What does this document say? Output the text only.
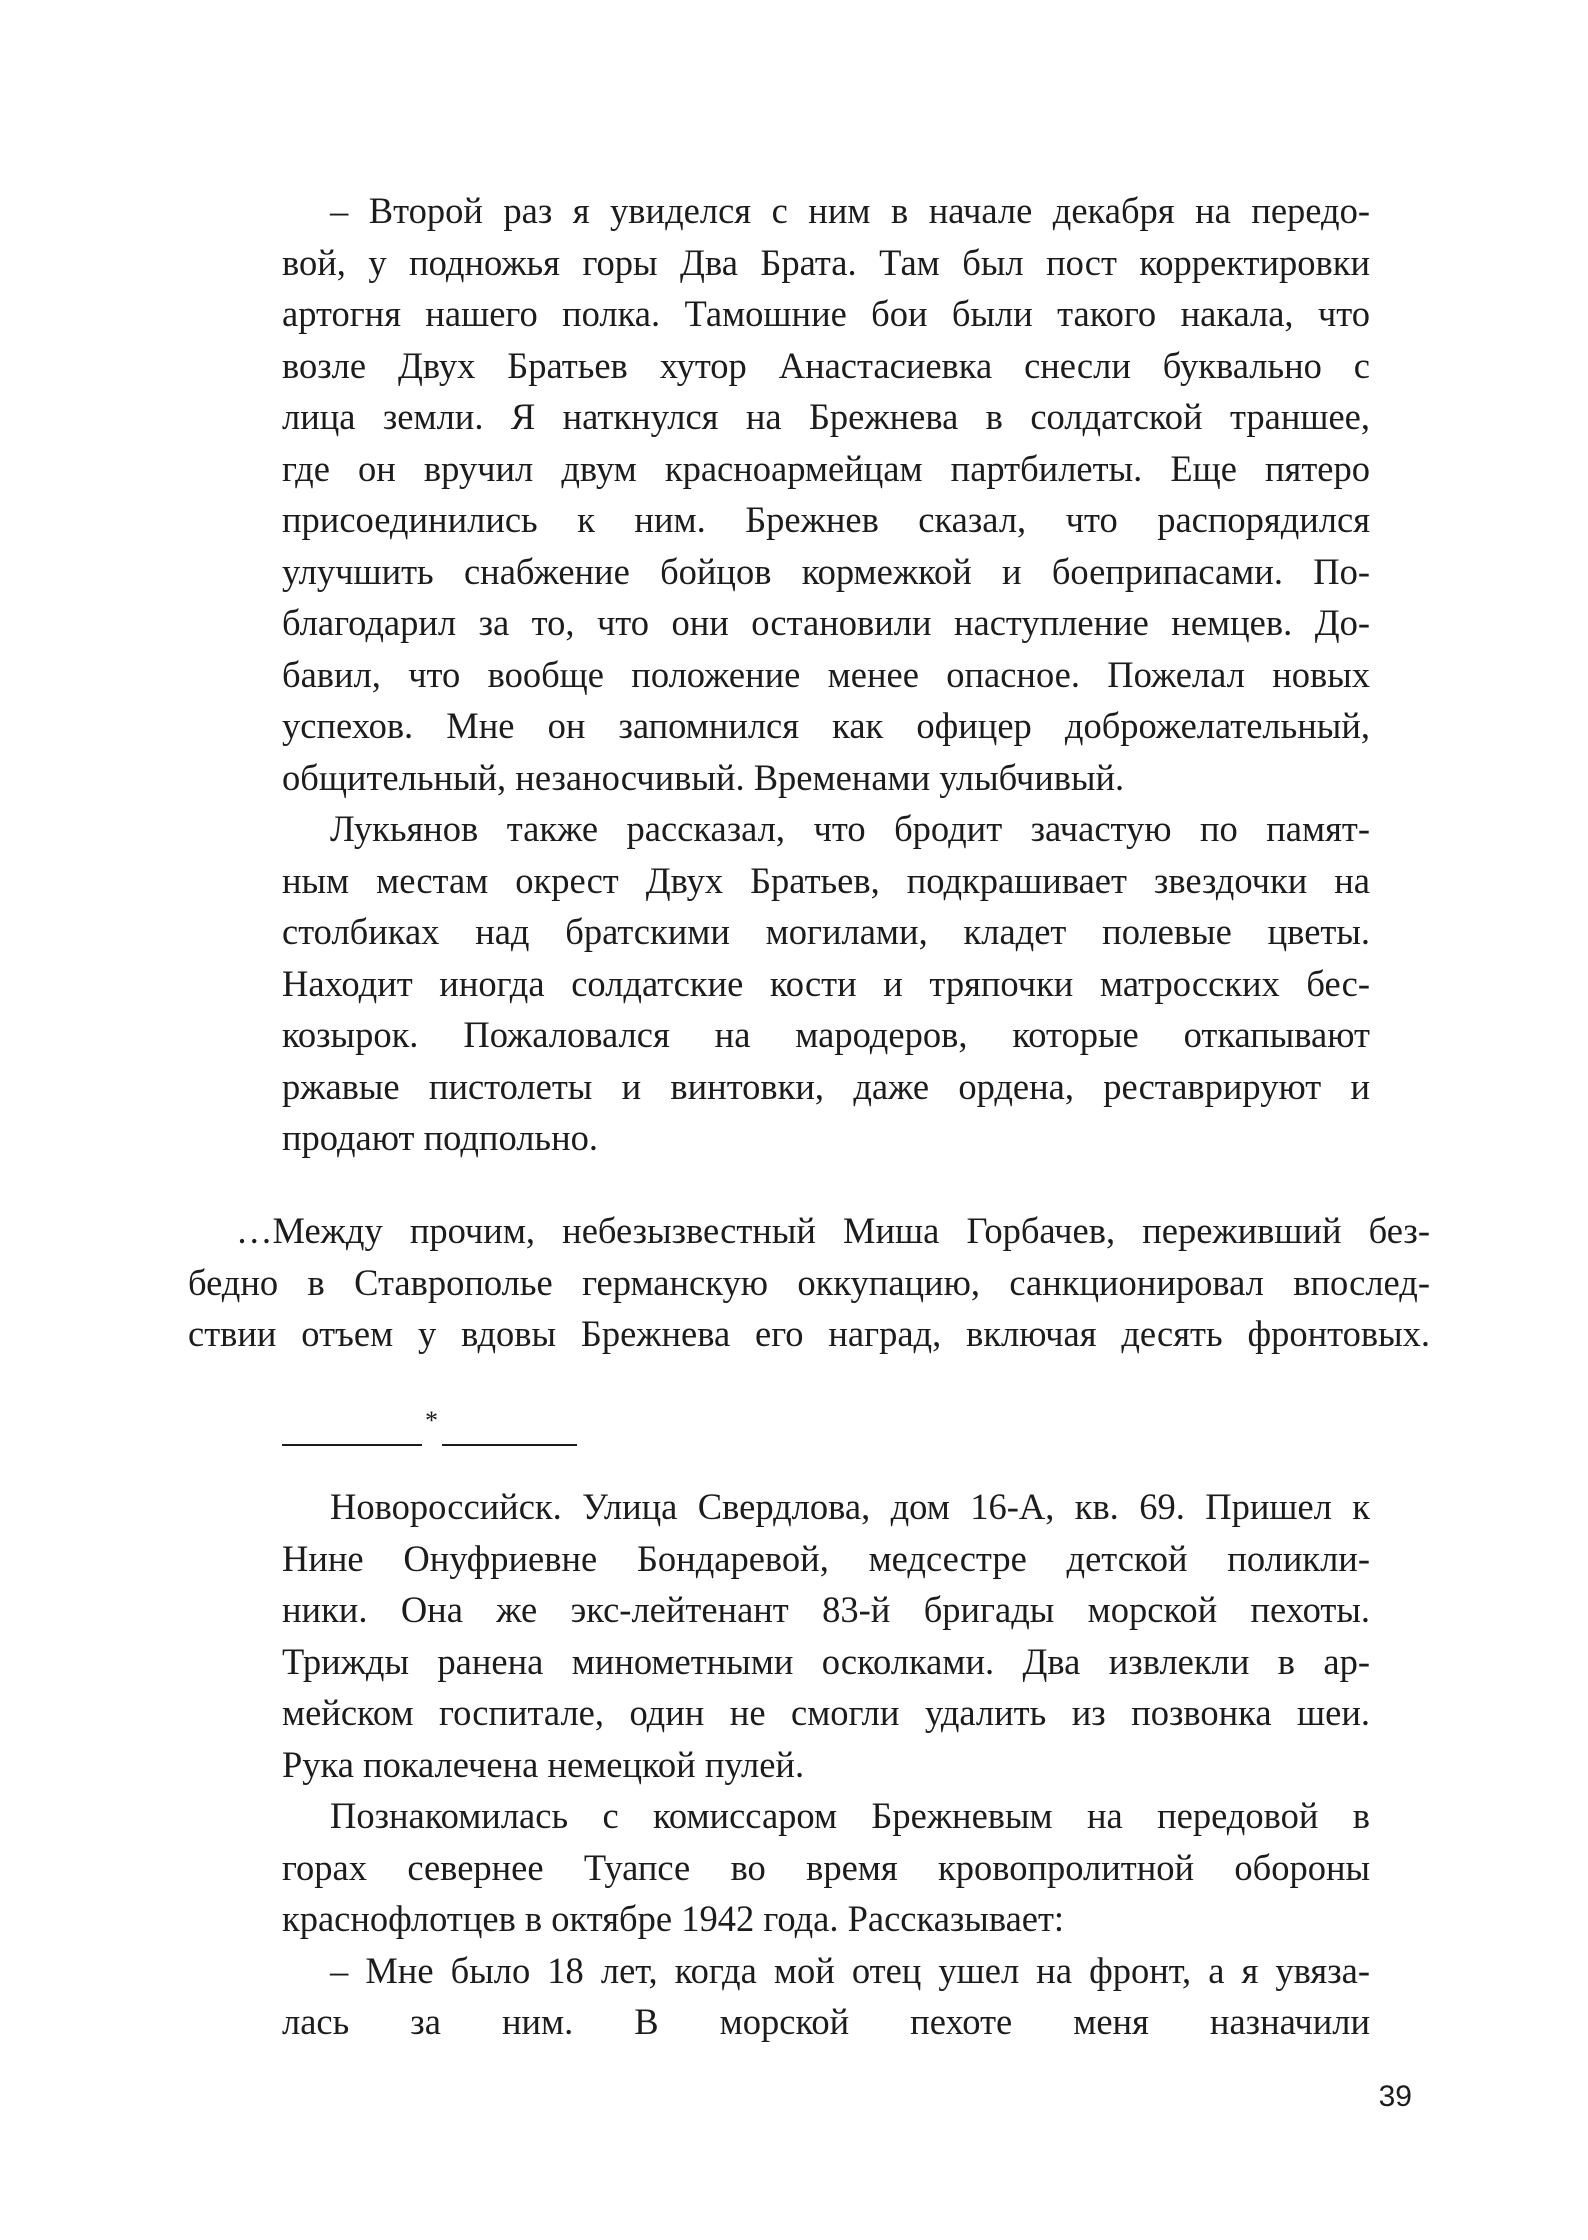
– Второй раз я увиделся с ним в начале декабря на передо-
вой, у подножья горы Два Брата. Там был пост корректировки
артогня нашего полка. Тамошние бои были такого накала, что
возле Двух Братьев хутор Анастасиевка снесли буквально с
лица земли. Я наткнулся на Брежнева в солдатской траншее,
где он вручил двум красноармейцам партбилеты. Еще пятеро
присоединились к ним. Брежнев сказал, что распорядился
улучшить снабжение бойцов кормежкой и боеприпасами. По-
благодарил за то, что они остановили наступление немцев. До-
бавил, что вообще положение менее опасное. Пожелал новых
успехов. Мне он запомнился как офицер доброжелательный,
общительный, незаносчивый. Временами улыбчивый.
Лукьянов также рассказал, что бродит зачастую по памят-
ным местам окрест Двух Братьев, подкрашивает звездочки на
столбиках над братскими могилами, кладет полевые цветы.
Находит иногда солдатские кости и тряпочки матросских бес-
козырок. Пожаловался на мародеров, которые откапывают
ржавые пистолеты и винтовки, даже ордена, реставрируют и
продают подпольно.
…Между прочим, небезызвестный Миша Горбачев, переживший без-
бедно в Ставрополье германскую оккупацию, санкционировал впослед-
ствии отъем у вдовы Брежнева его наград, включая десять фронтовых.
*
Новороссийск. Улица Свердлова, дом 16-А, кв. 69. Пришел к
Нине Онуфриевне Бондаревой, медсестре детской поликли-
ники. Она же экс-лейтенант 83-й бригады морской пехоты.
Трижды ранена минометными осколками. Два извлекли в ар-
мейском госпитале, один не смогли удалить из позвонка шеи.
Рука покалечена немецкой пулей.
Познакомилась с комиссаром Брежневым на передовой в
горах севернее Туапсе во время кровопролитной обороны
краснофлотцев в октябре 1942 года. Рассказывает:
– Мне было 18 лет, когда мой отец ушел на фронт, а я увяза-
лась за ним. В морской пехоте меня назначили
39
